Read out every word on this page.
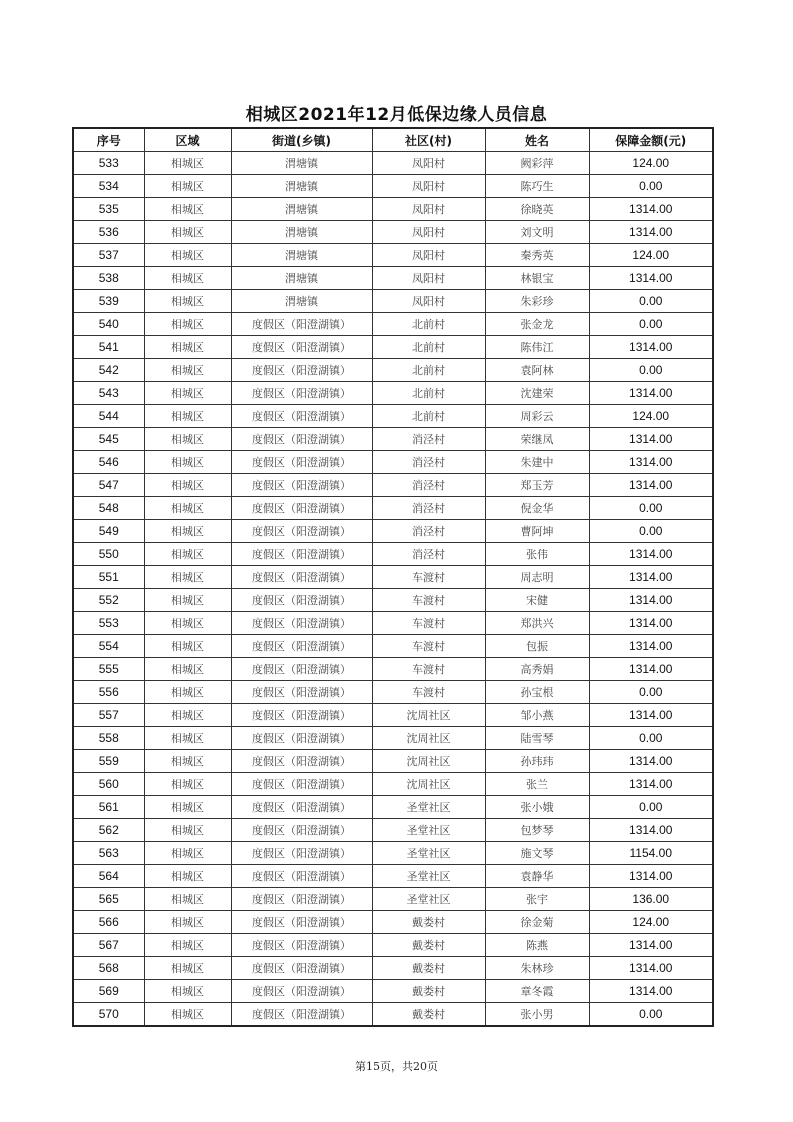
相城区2021年12月低保边缘人员信息
序号	区域	街道(乡镇)	社区(村)	姓名	保障金额(元)
533	相城区	渭塘镇	凤阳村	阙彩萍	124.00
534	相城区	渭塘镇	凤阳村	陈巧生	0.00
535	相城区	渭塘镇	凤阳村	徐晓英	1314.00
536	相城区	渭塘镇	凤阳村	刘文明	1314.00
537	相城区	渭塘镇	凤阳村	秦秀英	124.00
538	相城区	渭塘镇	凤阳村	林银宝	1314.00
539	相城区	渭塘镇	凤阳村	朱彩珍	0.00
540	相城区	度假区（阳澄湖镇）	北前村	张金龙	0.00
541	相城区	度假区（阳澄湖镇）	北前村	陈伟江	1314.00
542	相城区	度假区（阳澄湖镇）	北前村	袁阿林	0.00
543	相城区	度假区（阳澄湖镇）	北前村	沈建荣	1314.00
544	相城区	度假区（阳澄湖镇）	北前村	周彩云	124.00
545	相城区	度假区（阳澄湖镇）	消泾村	荣继凤	1314.00
546	相城区	度假区（阳澄湖镇）	消泾村	朱建中	1314.00
547	相城区	度假区（阳澄湖镇）	消泾村	郑玉芳	1314.00
548	相城区	度假区（阳澄湖镇）	消泾村	倪金华	0.00
549	相城区	度假区（阳澄湖镇）	消泾村	曹阿坤	0.00
550	相城区	度假区（阳澄湖镇）	消泾村	张伟	1314.00
551	相城区	度假区（阳澄湖镇）	车渡村	周志明	1314.00
552	相城区	度假区（阳澄湖镇）	车渡村	宋健	1314.00
553	相城区	度假区（阳澄湖镇）	车渡村	郑洪兴	1314.00
554	相城区	度假区（阳澄湖镇）	车渡村	包振	1314.00
555	相城区	度假区（阳澄湖镇）	车渡村	高秀娟	1314.00
556	相城区	度假区（阳澄湖镇）	车渡村	孙宝根	0.00
557	相城区	度假区（阳澄湖镇）	沈周社区	邹小燕	1314.00
558	相城区	度假区（阳澄湖镇）	沈周社区	陆雪琴	0.00
559	相城区	度假区（阳澄湖镇）	沈周社区	孙玮玮	1314.00
560	相城区	度假区（阳澄湖镇）	沈周社区	张兰	1314.00
561	相城区	度假区（阳澄湖镇）	圣堂社区	张小娥	0.00
562	相城区	度假区（阳澄湖镇）	圣堂社区	包梦琴	1314.00
563	相城区	度假区（阳澄湖镇）	圣堂社区	施文琴	1154.00
564	相城区	度假区（阳澄湖镇）	圣堂社区	袁静华	1314.00
565	相城区	度假区（阳澄湖镇）	圣堂社区	张宇	136.00
566	相城区	度假区（阳澄湖镇）	戴娄村	徐金菊	124.00
567	相城区	度假区（阳澄湖镇）	戴娄村	陈燕	1314.00
568	相城区	度假区（阳澄湖镇）	戴娄村	朱林珍	1314.00
569	相城区	度假区（阳澄湖镇）	戴娄村	章冬霞	1314.00
570	相城区	度假区（阳澄湖镇）	戴娄村	张小男	0.00
第15页，共20页
